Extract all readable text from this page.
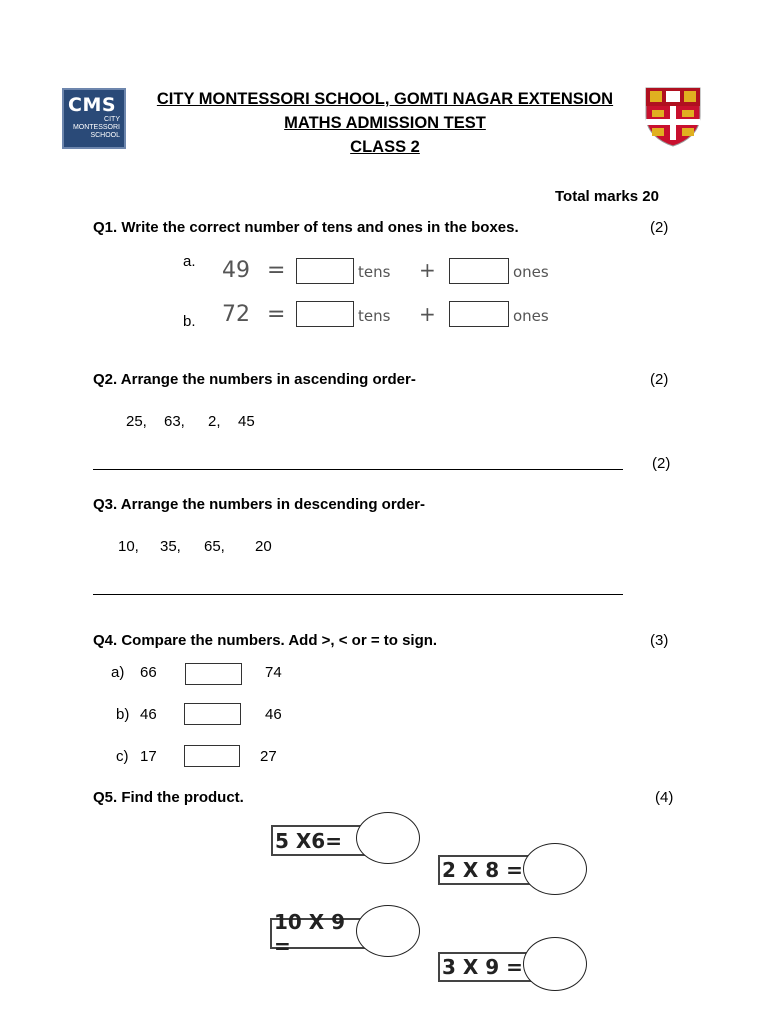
CMS
CITY MONTESSORI SCHOOL
CITY MONTESSORI SCHOOL, GOMTI NAGAR EXTENSION
MATHS ADMISSION TEST
CLASS 2
Total marks 20
Q1. Write the correct number of tens and ones in the boxes.	(2)
a. 49 =	tens +	ones
b. 72 =	tens +	ones
Q2. Arrange the numbers in ascending order-	(2)
25, 63, 2, 45
(2)
Q3. Arrange the numbers in descending order-
10, 35, 65, 20
Q4. Compare the numbers. Add >, < or = to sign.	(3)
a) 66	74
b) 46	46
c) 17	27
Q5. Find the product.	(4)
5 X6=
2 X 8 =
10 X 9 =
3 X 9 =
